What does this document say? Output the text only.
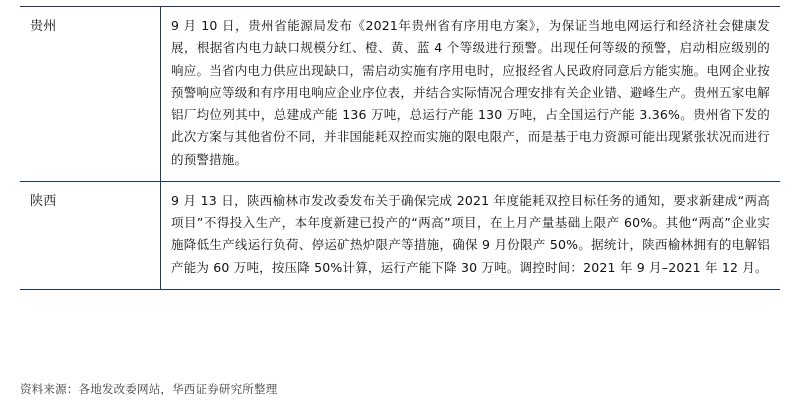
贵州	9 月 10 日，贵州省能源局发布《2021年贵州省有序用电方案》，为保证当地电网运行和经济社会健康发展，根据省内电力缺口规模分红、橙、黄、蓝 4 个等级进行预警。出现任何等级的预警，启动相应级别的响应。当省内电力供应出现缺口，需启动实施有序用电时，应报经省人民政府同意后方能实施。电网企业按预警响应等级和有序用电响应企业序位表，并结合实际情况合理安排有关企业错、避峰生产。贵州五家电解铝厂均位列其中，总建成产能 136 万吨，总运行产能 130 万吨，占全国运行产能 3.36%。贵州省下发的此次方案与其他省份不同，并非国能耗双控而实施的限电限产，而是基于电力资源可能出现紧张状况而进行的预警措施。

陕西	9 月 13 日，陕西榆林市发改委发布关于确保完成 2021 年度能耗双控目标任务的通知，要求新建成“两高项目”不得投入生产，本年度新建已投产的“两高”项目，在上月产量基础上限产 60%。其他“两高”企业实施降低生产线运行负荷、停运矿热炉限产等措施，确保 9 月份限产 50%。据统计，陕西榆林拥有的电解铝产能为 60 万吨，按压降 50%计算，运行产能下降 30 万吨。调控时间：2021 年 9 月–2021 年 12 月。
资料来源：各地发改委网站，华西证券研究所整理
